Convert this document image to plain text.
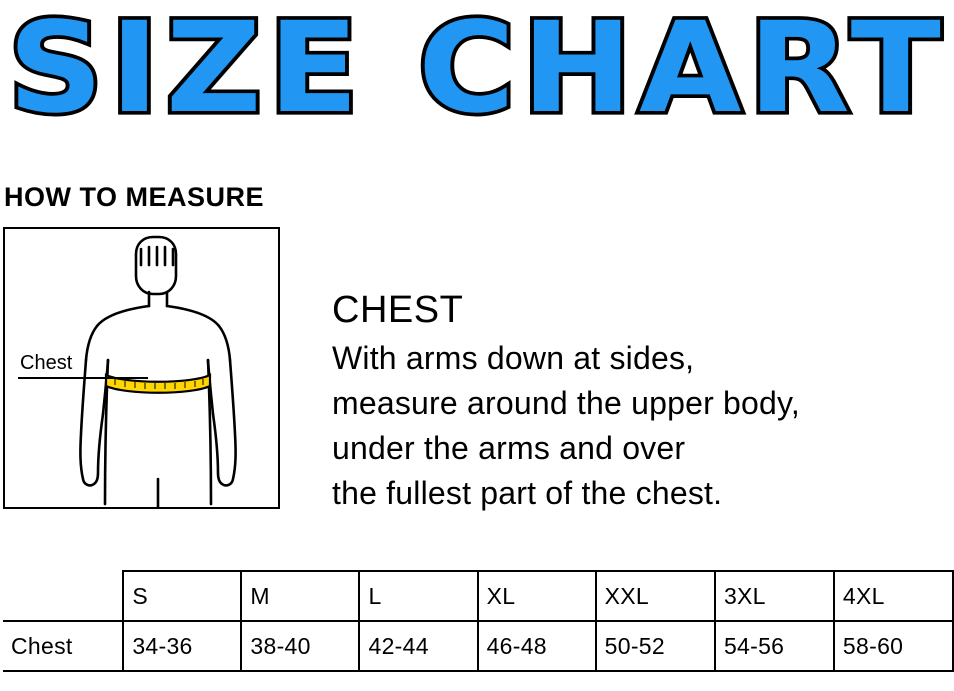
SIZE CHART
HOW TO MEASURE
Chest
CHEST

With arms down at sides,

measure around the upper body,

under the arms and over

the fullest part of the chest.

	S	M	L	XL	XXL	3XL	4XL
Chest	34-36	38-40	42-44	46-48	50-52	54-56	58-60
